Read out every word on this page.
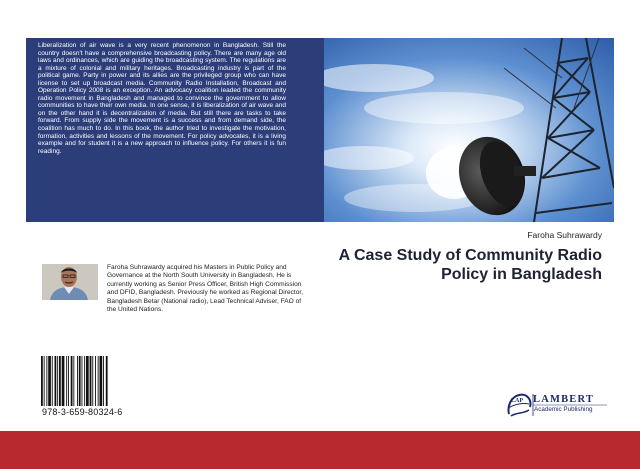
Liberalization of air wave is a very recent phenomenon in Bangladesh. Still the country doesn't have a comprehensive broadcasting policy. There are many age old laws and ordinances, which are guiding the broadcasting system. The regulations are a mixture of colonial and military heritages. Broadcasting industry is part of the political game. Party in power and its allies are the privileged group who can have license to set up broadcast media. Community Radio Installation, Broadcast and Operation Policy 2008 is an exception. An advocacy coalition leaded the community radio movement in Bangladesh and managed to convince the government to allow communities to have their own media. In one sense, it is liberalization of air wave and on the other hand it is decentralization of media. But still there are tasks to take forward. From supply side the movement is a success and from demand side, the coalition has much to do. In this book, the author tried to investigate the motivation, formation, activities and lessons of the movement. For policy advocates, it is a living example and for student it is a new approach to influence policy. For others it is fun reading.

Faroha Suhrawardy
A Case Study of Community Radio Policy in Bangladesh

Faroha Suhrawardy acquired his Masters in Public Policy and Governance at the North South University in Bangladesh. He is currently working as Senior Press Officer, British High Commission and DFID, Bangladesh. Previously he worked as Regional Director, Bangladesh Betar (National radio), Lead Technical Adviser, FAO of the United Nations.

978-3-659-80324-6
LAP LAMBERT
Academic Publishing
